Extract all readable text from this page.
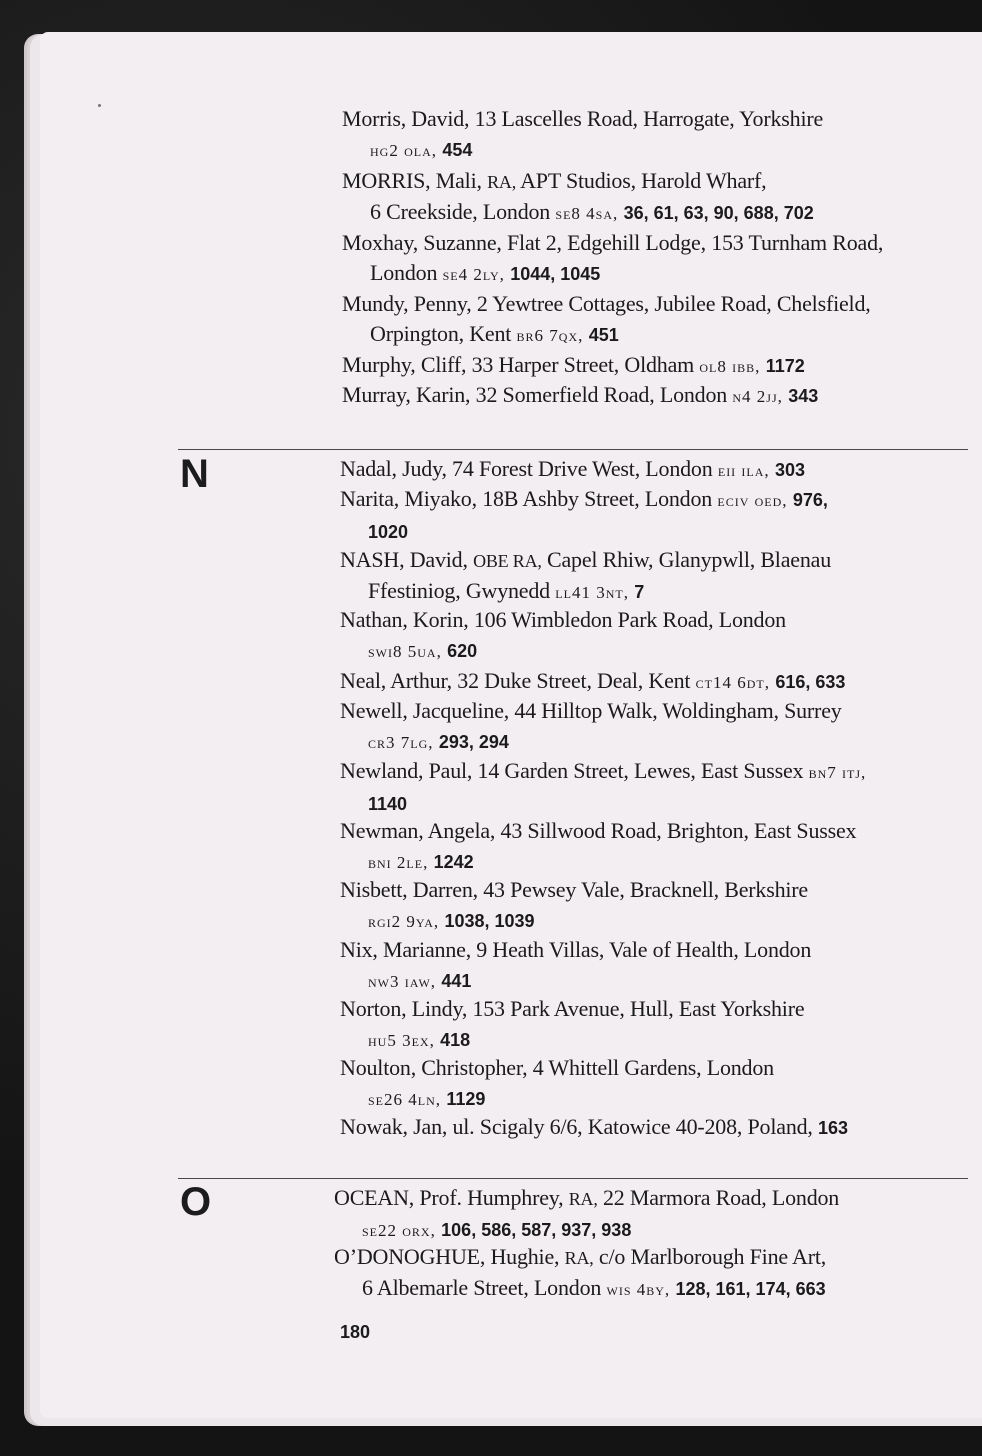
Morris, David, 13 Lascelles Road, Harrogate, Yorkshire
hg2 ola, 454
MORRIS, Mali, RA, APT Studios, Harold Wharf,
6 Creekside, London se8 4sa, 36, 61, 63, 90, 688, 702
Moxhay, Suzanne, Flat 2, Edgehill Lodge, 153 Turnham Road,
London se4 2ly, 1044, 1045
Mundy, Penny, 2 Yewtree Cottages, Jubilee Road, Chelsfield,
Orpington, Kent br6 7qx, 451
Murphy, Cliff, 33 Harper Street, Oldham ol8 ibb, 1172
Murray, Karin, 32 Somerfield Road, London n4 2jj, 343
N	Nadal, Judy, 74 Forest Drive West, London eii ila, 303
Narita, Miyako, 18B Ashby Street, London eciv oed, 976,
1020
NASH, David, OBE RA, Capel Rhiw, Glanypwll, Blaenau
Ffestiniog, Gwynedd ll41 3nt, 7
Nathan, Korin, 106 Wimbledon Park Road, London
swi8 5ua, 620
Neal, Arthur, 32 Duke Street, Deal, Kent ct14 6dt, 616, 633
Newell, Jacqueline, 44 Hilltop Walk, Woldingham, Surrey
cr3 7lg, 293, 294
Newland, Paul, 14 Garden Street, Lewes, East Sussex bn7 itj,
1140
Newman, Angela, 43 Sillwood Road, Brighton, East Sussex
bni 2le, 1242
Nisbett, Darren, 43 Pewsey Vale, Bracknell, Berkshire
rgi2 9ya, 1038, 1039
Nix, Marianne, 9 Heath Villas, Vale of Health, London
nw3 iaw, 441
Norton, Lindy, 153 Park Avenue, Hull, East Yorkshire
hu5 3ex, 418
Noulton, Christopher, 4 Whittell Gardens, London
se26 4ln, 1129
Nowak, Jan, ul. Scigaly 6/6, Katowice 40-208, Poland, 163
O	OCEAN, Prof. Humphrey, RA, 22 Marmora Road, London
se22 orx, 106, 586, 587, 937, 938
O’DONOGHUE, Hughie, RA, c/o Marlborough Fine Art,
6 Albemarle Street, London wis 4by, 128, 161, 174, 663
180
